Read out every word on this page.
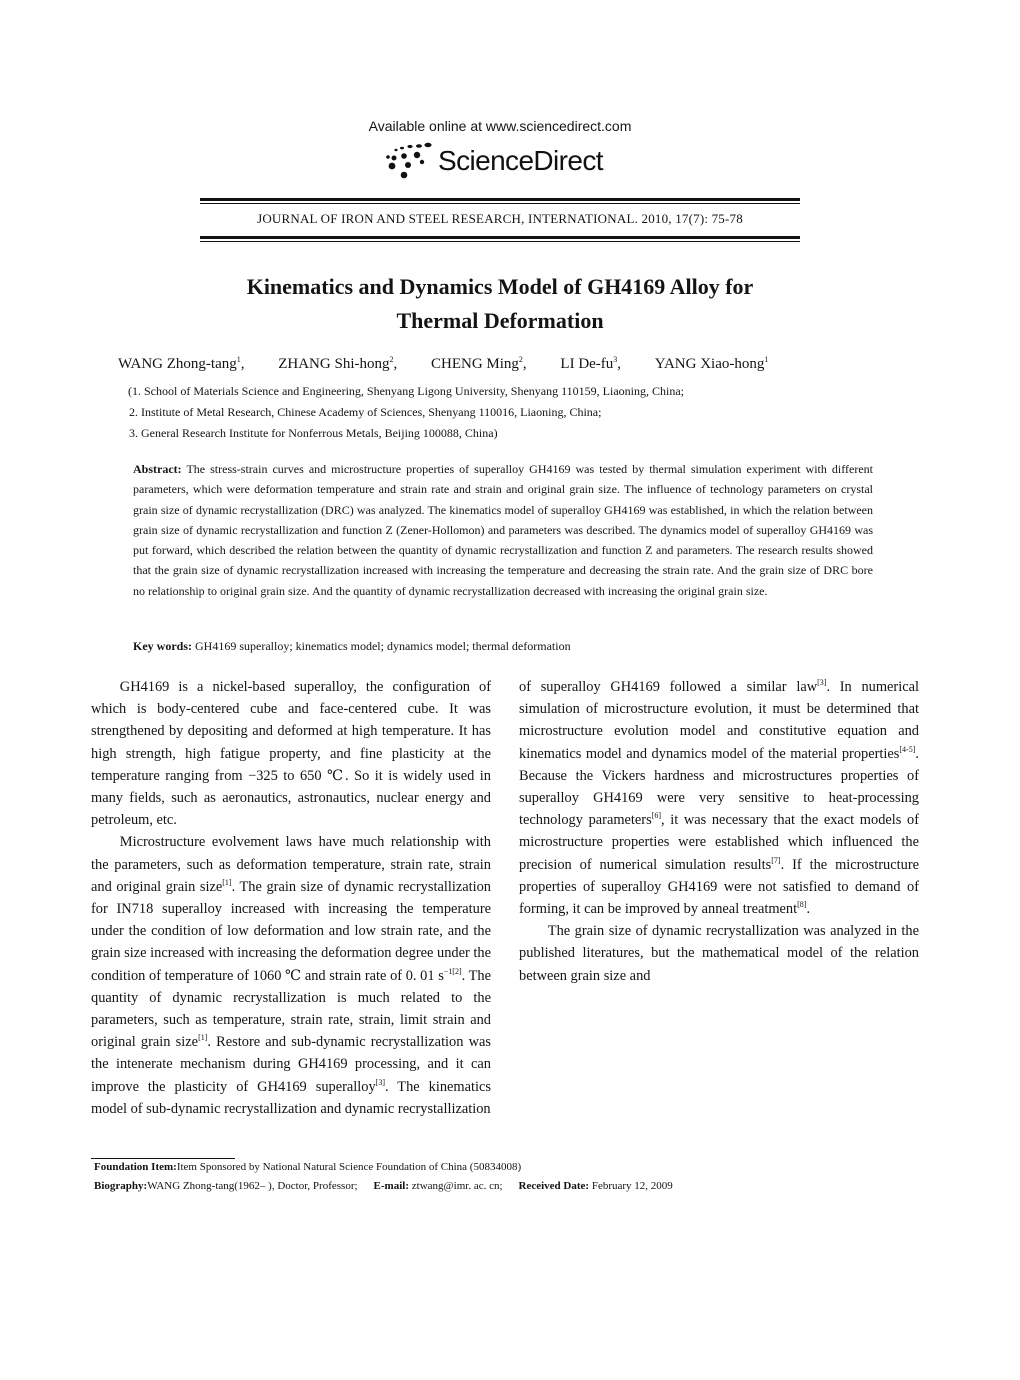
Available online at www.sciencedirect.com
ScienceDirect
JOURNAL OF IRON AND STEEL RESEARCH, INTERNATIONAL. 2010, 17(7): 75-78
Kinematics and Dynamics Model of GH4169 Alloy for
Thermal Deformation
WANG Zhong-tang$^1$, ZHANG Shi-hong$^2$, CHENG Ming$^2$, LI $De-fu^3$, YANG Xiao-hong$^1$
(1. School of Materials Science and Engineering, Shenyang Ligong University, Shenyang 110159, Liaoning, China;
2. Institute of Metal Research, Chinese Academy of Sciences, Shenyang 110016, Liaoning, China;
3. General Research Institute for Nonferrous Metals, Beijing 100088, China)
Abstract: The stress-strain curves and microstructure properties of superalloy GH4169 was tested by thermal simulation experiment with different parameters, which were deformation temperature and strain rate and strain and original grain size. The influence of technology parameters on crystal grain size of dynamic recrystallization (DRC) was analyzed. The kinematics model of superalloy GH4169 was established, in which the relation between grain size of dynamic recrystallization and function Z (Zener-Hollomon) and parameters was described. The dynamics model of superalloy GH4169 was put forward, which described the relation between the quantity of dynamic recrystallization and function Z and parameters. The research results showed that the grain size of dynamic recrystallization increased with increasing the temperature and decreasing the strain rate. And the grain size of DRC bore no relationship to original grain size. And the quantity of dynamic recrystallization decreased with increasing the original grain size.
Key words: GH4169 superalloy; kinematics model; dynamics model; thermal deformation

GH4169 is a nickel-based superalloy, the configuration of which is body-centered cube and face-centered cube. It was strengthened by depositing and deformed at high temperature. It has high strength, high fatigue property, and fine plasticity at the temperature ranging from −325 to 650 ℃. So it is widely used in many fields, such as aeronautics, astronautics, nuclear energy and petroleum, etc.

Microstructure evolvement laws have much relationship with the parameters, such as deformation temperature, strain rate, strain and original grain size[1]. The grain size of dynamic recrystallization for IN718 superalloy increased with increasing the temperature under the condition of low deformation and low strain rate, and the grain size increased with increasing the deformation degree under the condition of temperature of 1060 ℃ and strain rate of 0. 01 $s^{-1[2]}$. The quantity of dynamic recrystallization is much related to the parameters, such as temperature, strain rate, strain, limit strain and original grain size[1]. Restore and sub-dynamic recrystallization was the intenerate mechanism during GH4169 processing, and it can improve the plasticity of GH4169 superalloy[3]. The kinematics model of sub-dynamic recrystallization and dynamic recrystallization

of superalloy GH4169 followed a similar law[3]. In numerical simulation of microstructure evolution, it must be determined that microstructure evolution model and constitutive equation and kinematics model and dynamics model of the material properties[4-5]. Because the Vickers hardness and microstructures properties of superalloy GH4169 were very sensitive to heat-processing technology parameters[6], it was necessary that the exact models of microstructure properties were established which influenced the precision of numerical simulation results[7]. If the microstructure properties of superalloy GH4169 were not satisfied to demand of forming, it can be improved by anneal treatment[8].

The grain size of dynamic recrystallization was analyzed in the published literatures, but the mathematical model of the relation between grain size and

Foundation Item:Item Sponsored by National Natural Science Foundation of China (50834008)
Biography:WANG Zhong-tang(1962– ), Doctor, Professor; E-mail: ztwang@imr. ac. cn; Received Date: February 12, 2009
